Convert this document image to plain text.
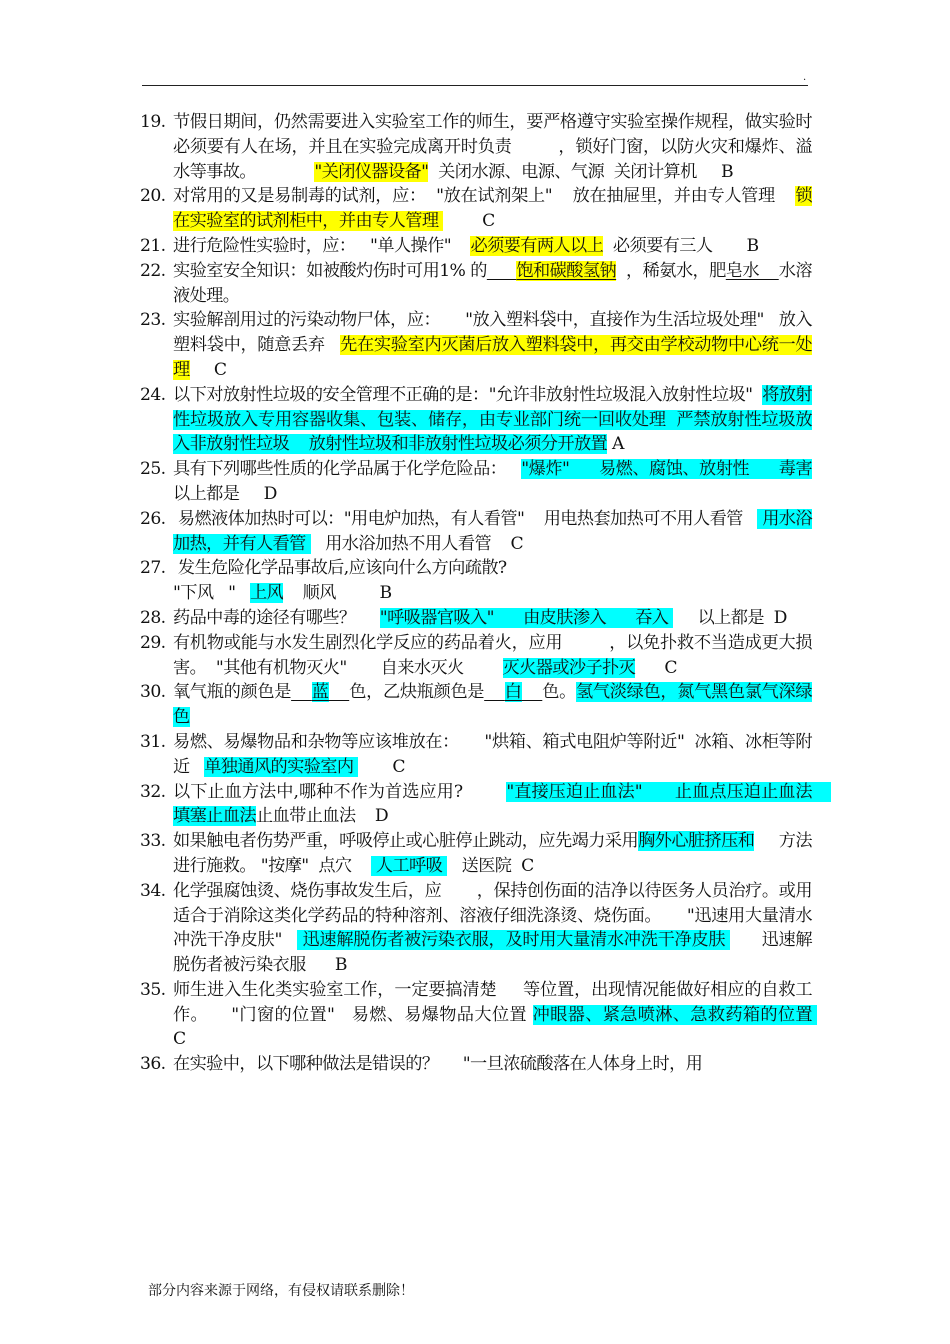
.
19. 节假日期间，仍然需要进入实验室工作的师生，要严格遵守实验室操作规程，做实验时必须要有人在场，并且在实验完成离开时负责         ，锁好门窗，以防火灾和爆炸、溢水等事故。            "关闭仪器设备"  关闭水源、电源、气源  关闭计算机     B
20. 对常用的又是易制毒的试剂，应：  "放在试剂架上"    放在抽屉里，并由专人管理    锁在实验室的试剂柜中，并由专人管理         C
21. 进行危险性实验时，应：   "单人操作"    必须要有两人以上  必须要有三人       B
22. 实验室安全知识：如被酸灼伤时可用1% 的 饱和碳酸氢钠  ，稀氨水，肥皂水    水溶液处理。
23. 实验解剖用过的污染动物尸体，应：     "放入塑料袋中，直接作为生活垃圾处理"   放入塑料袋中，随意丢弃   先在实验室内灭菌后放入塑料袋中，再交由学校动物中心统一处理     C
24. 以下对放射性垃圾的安全管理不正确的是："允许非放射性垃圾混入放射性垃圾"  将放射性垃圾放入专用容器收集、包装、储存，由专业部门统一回收处理  严禁放射性垃圾放入非放射性垃圾    放射性垃圾和非放射性垃圾必须分开放置 A
25. 具有下列哪些性质的化学品属于化学危险品：   "爆炸"      易燃、腐蚀、放射性      毒害     以上都是     D
26. 易燃液体加热时可以："用电炉加热，有人看管"    用电热套加热可不用人看管    用水浴加热，并有人看管    用水浴加热不用人看管    C
27. 发生危险化学品事故后,应该向什么方向疏散?
"下风   "   上风    顺风         B
28. 药品中毒的途径有哪些？     "呼吸器官吸入"      由皮肤渗入      吞入      以上都是  D
29. 有机物或能与水发生剧烈化学反应的药品着火，应用         ，以免扑救不当造成更大损害。  "其他有机物灭火"       自来水灭火        灭火器或沙子扑灭      C
30. 氧气瓶的颜色是 蓝 色，乙炔瓶颜色是 白 色。氢气淡绿色，氮气黑色氯气深绿色
31. 易燃、易爆物品和杂物等应该堆放在：     "烘箱、箱式电阻炉等附近"  冰箱、冰柜等附近   单独通风的实验室内        C
32. 以下止血方法中,哪种不作为首选应用?        "直接压迫止血法"      止血点压迫止血法    填塞止血法止血带止血法    D
33. 如果触电者伤势严重，呼吸停止或心脏停止跳动，应先竭力采用胸外心脏挤压和     方法进行施救。 "按摩"  点穴     人工呼吸    送医院  C
34. 化学强腐蚀烫、烧伤事故发生后，应       ，保持创伤面的洁净以待医务人员治疗。或用适合于消除这类化学药品的特种溶剂、溶液仔细洗涤烫、烧伤面。     "迅速用大量清水冲洗干净皮肤"    迅速解脱伤者被污染衣服，及时用大量清水冲洗干净皮肤       迅速解脱伤者被污染衣服      B
35. 师生进入生化类实验室工作，一定要搞清楚     等位置，出现情况能做好相应的自救工作。    "门窗的位置"   易燃、易爆物品大位置 冲眼器、紧急喷淋、急救药箱的位置      C
36. 在实验中，以下哪种做法是错误的？     "一旦浓硫酸落在人体身上时，用
部分内容来源于网络，有侵权请联系删除！
